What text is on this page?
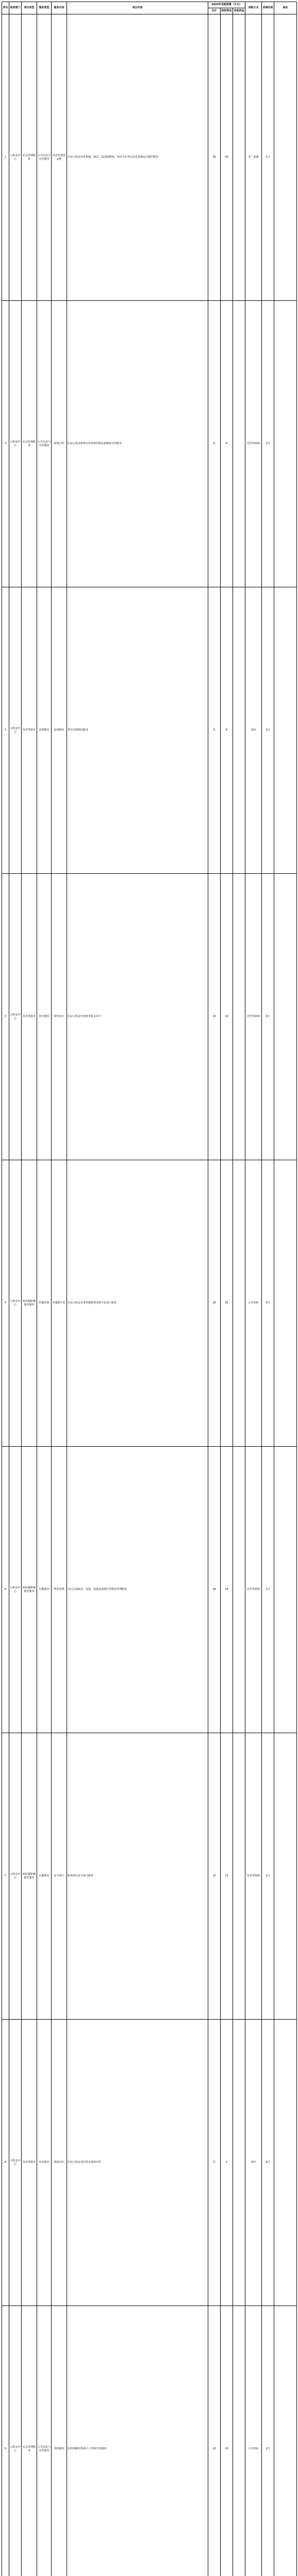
序号	政府部门	项目类型	服务类型	服务内容	项目内容	2024年采购预算（万元）			采购方式	采购时间	备注
						合计	财政资金	其他资金			
1	公积金中心	社会管理服务	公共信息与宣传服务	信息化建设运维	住房公积金业务系统、网站、12329热线、短信平台等信息化系统运行维护服务	30	30		单一来源	1月	
2	公积金中心	社会管理服务	公共信息与宣传服务	政策宣传	住房公积金政策宣传资料印制及新媒体宣传服务	8	8		竞争性磋商	3月	
3	公积金中心	技术性服务	法律服务	法律顾问	常年法律顾问服务	6	6		询价	2月	
4	公积金中心	技术性服务	审计服务	财务审计	住房公积金年度财务收支审计	10	10		竞争性磋商	4月	
5	公积金中心	政府履职辅助性服务	档案管理	档案数字化	住房公积金业务档案整理及数字化加工服务	25	25		公开招标	5月	
6	公积金中心	政府履职辅助性服务	后勤服务	物业管理	办公区域保洁、安保、设施设备维护等物业管理服务	18	18		竞争性磋商	1月	
7	公积金中心	政府履职辅助性服务	后勤服务	安全保卫	服务网点安全保卫服务	12	12		竞争性磋商	1月	
8	公积金中心	技术性服务	评估服务	绩效评价	住房公积金项目资金绩效评价	5	5		询价	6月	
9	公积金中心	社会管理服务	公共信息与宣传服务	热线服务	12329服务热线人工坐席外包服务	20	20		公开招标	2月	
